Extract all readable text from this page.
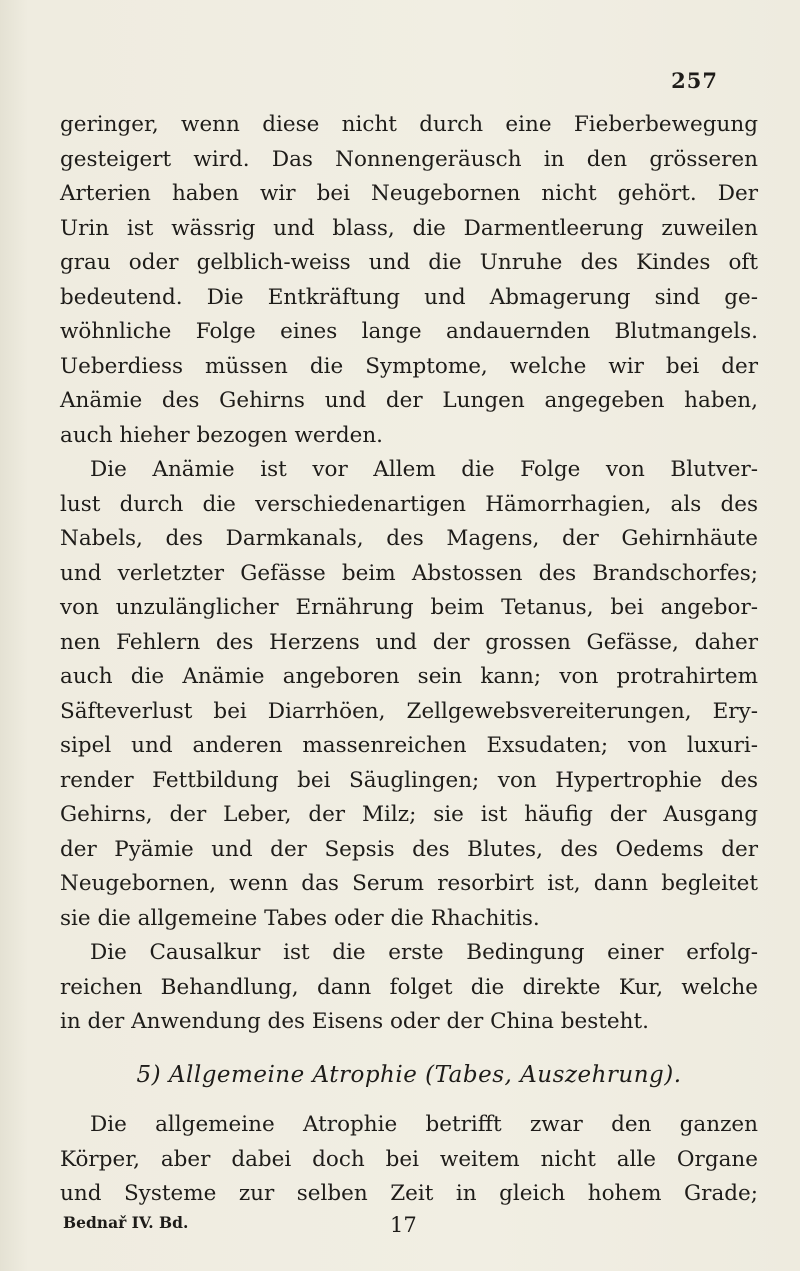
257
geringer, wenn diese nicht durch eine Fieberbewegung
gesteigert wird. Das Nonnengeräusch in den grösseren
Arterien haben wir bei Neugebornen nicht gehört. Der
Urin ist wässrig und blass, die Darmentleerung zuweilen
grau oder gelblich-weiss und die Unruhe des Kindes oft
bedeutend. Die Entkräftung und Abmagerung sind ge-
wöhnliche Folge eines lange andauernden Blutmangels.
Ueberdiess müssen die Symptome, welche wir bei der
Anämie des Gehirns und der Lungen angegeben haben,
auch hieher bezogen werden.
Die Anämie ist vor Allem die Folge von Blutver-
lust durch die verschiedenartigen Hämorrhagien, als des
Nabels, des Darmkanals, des Magens, der Gehirnhäute
und verletzter Gefässe beim Abstossen des Brandschorfes;
von unzulänglicher Ernährung beim Tetanus, bei angebor-
nen Fehlern des Herzens und der grossen Gefässe, daher
auch die Anämie angeboren sein kann; von protrahirtem
Säfteverlust bei Diarrhöen, Zellgewebsvereiterungen, Ery-
sipel und anderen massenreichen Exsudaten; von luxuri-
render Fettbildung bei Säuglingen; von Hypertrophie des
Gehirns, der Leber, der Milz; sie ist häufig der Ausgang
der Pyämie und der Sepsis des Blutes, des Oedems der
Neugebornen, wenn das Serum resorbirt ist, dann begleitet
sie die allgemeine Tabes oder die Rhachitis.
Die Causalkur ist die erste Bedingung einer erfolg-
reichen Behandlung, dann folget die direkte Kur, welche
in der Anwendung des Eisens oder der China besteht.
5) Allgemeine Atrophie (Tabes, Auszehrung).
Die allgemeine Atrophie betrifft zwar den ganzen
Körper, aber dabei doch bei weitem nicht alle Organe
und Systeme zur selben Zeit in gleich hohem Grade;
Bednař IV. Bd.	17
